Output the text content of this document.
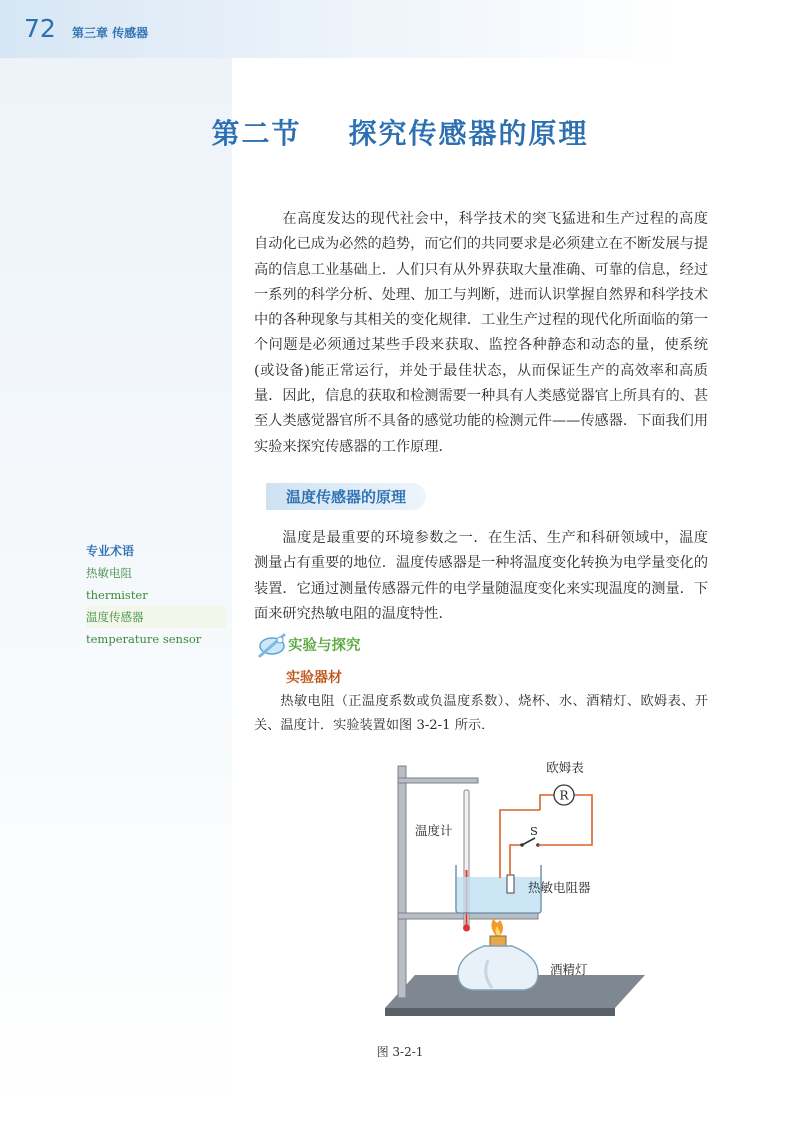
72 第三章 传感器
第二节    探究传感器的原理

在高度发达的现代社会中，科学技术的突飞猛进和生产过程的高度自动化已成为必然的趋势，而它们的共同要求是必须建立在不断发展与提高的信息工业基础上．人们只有从外界获取大量准确、可靠的信息，经过一系列的科学分析、处理、加工与判断，进而认识掌握自然界和科学技术中的各种现象与其相关的变化规律．工业生产过程的现代化所面临的第一个问题是必须通过某些手段来获取、监控各种静态和动态的量，使系统(或设备)能正常运行，并处于最佳状态，从而保证生产的高效率和高质量．因此，信息的获取和检测需要一种具有人类感觉器官上所具有的、甚至人类感觉器官所不具备的感觉功能的检测元件——传感器．下面我们用实验来探究传感器的工作原理．

温度传感器的原理

温度是最重要的环境参数之一．在生活、生产和科研领域中，温度测量占有重要的地位．温度传感器是一种将温度变化转换为电学量变化的装置．它通过测量传感器元件的电学量随温度变化来实现温度的测量．下面来研究热敏电阻的温度特性．

专业术语
热敏电阻
thermister
温度传感器
temperature sensor	实验与探究
实验器材

热敏电阻（正温度系数或负温度系数）、烧杯、水、酒精灯、欧姆表、开关、温度计．实验装置如图 3-2-1 所示．

R
欧姆表
S
温度计
热敏电阻器
酒精灯
图 3-2-1
